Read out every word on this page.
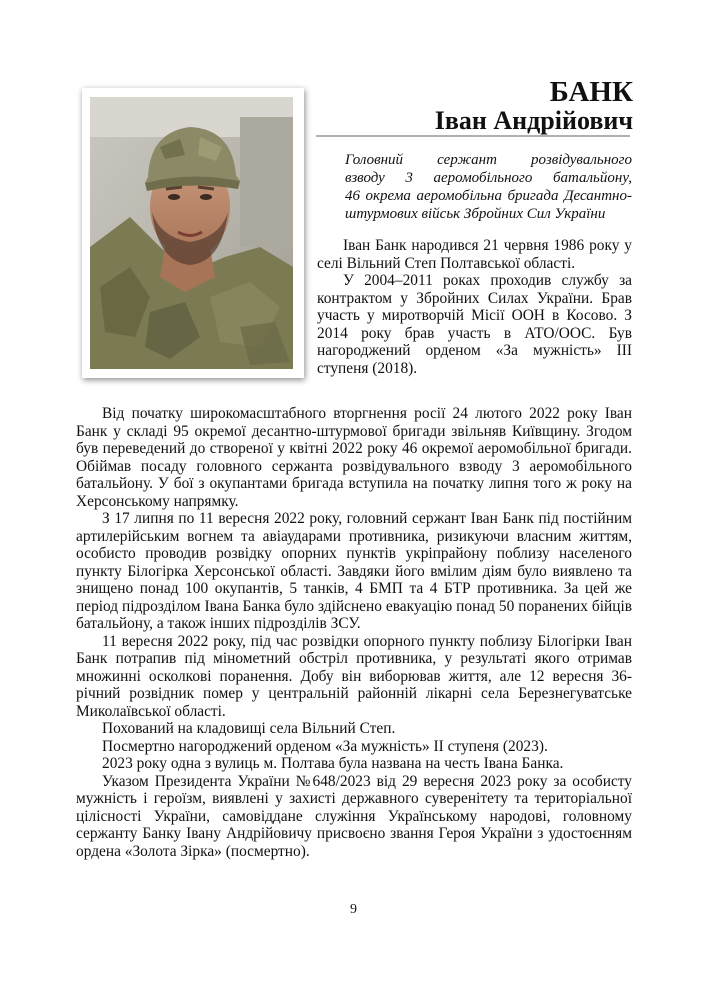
БАНК
Іван Андрійович
Головний сержант розвідувального
взводу 3 аеромобільного батальйону,
46 окрема аеромобільна бригада Десантно-
штурмових військ Збройних Сил України

Іван Банк народився 21 червня 1986 року у селі Вільний Степ Полтавської області.

У 2004–2011 роках проходив службу за контрактом у Збройних Силах України. Брав участь у миротворчій Місії ООН в Косово. З 2014 року брав участь в АТО/ООС. Був нагороджений орденом «За мужність» ІІІ ступеня (2018).

Від початку широкомасштабного вторгнення росії 24 лютого 2022 року Іван Банк у складі 95 окремої десантно-штурмової бригади звільняв Київщину. Згодом був переведений до створеної у квітні 2022 року 46 окремої аеромобільної бригади. Обіймав посаду головного сержанта розвідувального взводу 3 аеромобільного батальйону. У бої з окупантами бригада вступила на початку липня того ж року на Херсонському напрямку.

З 17 липня по 11 вересня 2022 року, головний сержант Іван Банк під постійним артилерійським вогнем та авіаударами противника, ризикуючи власним життям, особисто проводив розвідку опорних пунктів укріпрайону поблизу населеного пункту Білогірка Херсонської області. Завдяки його вмілим діям було виявлено та знищено понад 100 окупантів, 5 танків, 4 БМП та 4 БТР противника. За цей же період підрозділом Івана Банка було здійснено евакуацію понад 50 поранених бійців батальйону, а також інших підрозділів ЗСУ.

11 вересня 2022 року, під час розвідки опорного пункту поблизу Білогірки Іван Банк потрапив під мінометний обстріл противника, у результаті якого отримав множинні осколкові поранення. Добу він виборював життя, але 12 вересня 36-річний розвідник помер у центральній районній лікарні села Березнегуватське Миколаївської області.

Похований на кладовищі села Вільний Степ.

Посмертно нагороджений орденом «За мужність» ІІ ступеня (2023).

2023 року одна з вулиць м. Полтава була названа на честь Івана Банка.

Указом Президента України №648/2023 від 29 вересня 2023 року за особисту мужність і героїзм, виявлені у захисті державного суверенітету та територіальної цілісності України, самовіддане служіння Українському народові, головному сержанту Банку Івану Андрійовичу присвоєно звання Героя України з удостоєнням ордена «Золота Зірка» (посмертно).

9
